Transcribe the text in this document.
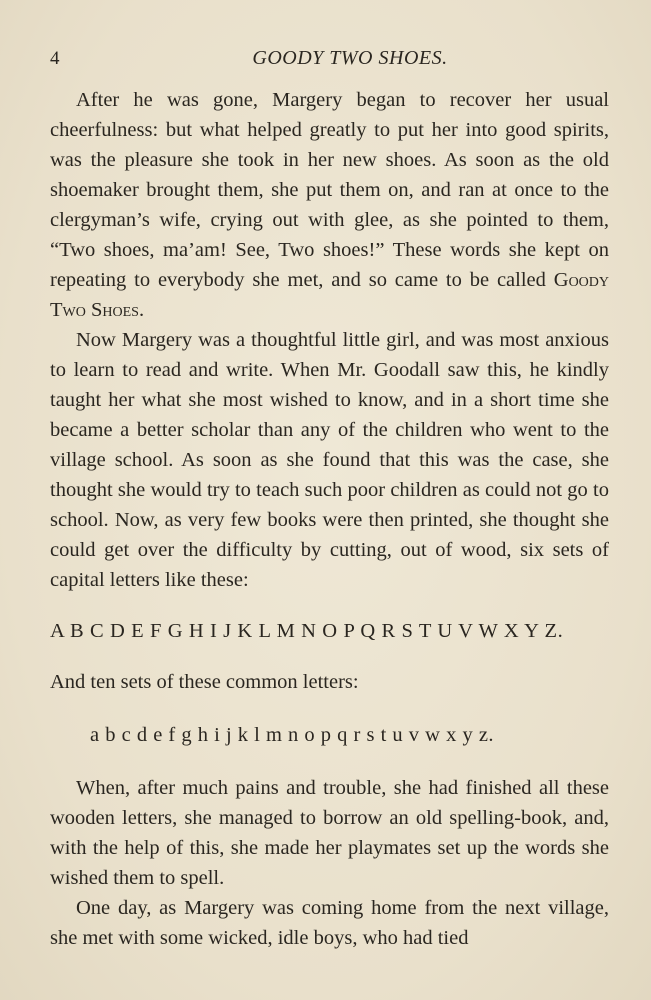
4	GOODY TWO SHOES.

After he was gone, Margery began to recover her usual cheerfulness: but what helped greatly to put her into good spirits, was the pleasure she took in her new shoes. As soon as the old shoemaker brought them, she put them on, and ran at once to the clergyman’s wife, crying out with glee, as she pointed to them, “Two shoes, ma’am! See, Two shoes!” These words she kept on repeating to everybody she met, and so came to be called Goody Two Shoes.

Now Margery was a thoughtful little girl, and was most anxious to learn to read and write. When Mr. Goodall saw this, he kindly taught her what she most wished to know, and in a short time she became a better scholar than any of the children who went to the village school. As soon as she found that this was the case, she thought she would try to teach such poor children as could not go to school. Now, as very few books were then printed, she thought she could get over the difficulty by cutting, out of wood, six sets of capital letters like these:

A B C D E F G H I J K L M N O P Q R S T U V W X Y Z.

And ten sets of these common letters:

a b c d e f g h i j k l m n o p q r s t u v w x y z.

When, after much pains and trouble, she had finished all these wooden letters, she managed to borrow an old spelling-book, and, with the help of this, she made her playmates set up the words she wished them to spell.

One day, as Margery was coming home from the next village, she met with some wicked, idle boys, who had tied
